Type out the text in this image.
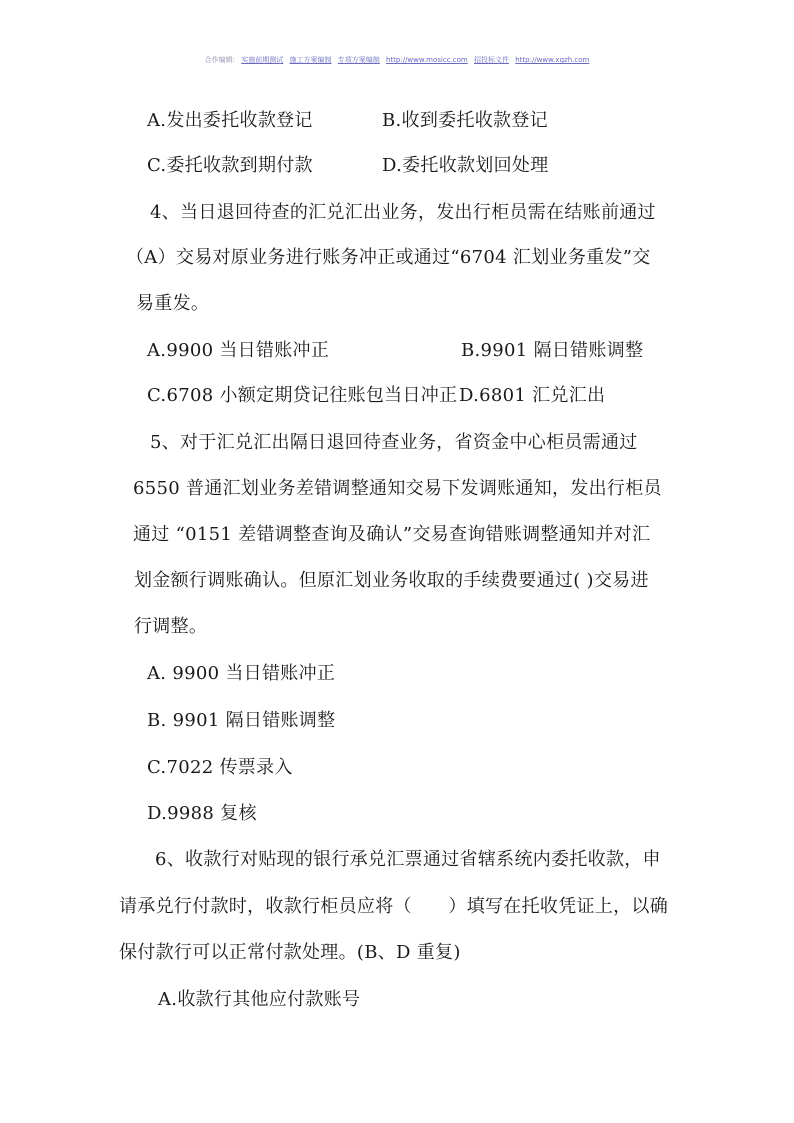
合作编辑: 实施前期测试 施工方案编制 专项方案编制 http://www.mosicc.com 招投标文件 http://www.xgzh.com
A.发出委托收款登记	B.收到委托收款登记
C.委托收款到期付款	D.委托收款划回处理
4、当日退回待查的汇兑汇出业务，发出行柜员需在结账前通过
（A）交易对原业务进行账务冲正或通过“6704 汇划业务重发”交
易重发。
A.9900 当日错账冲正	B.9901 隔日错账调整
C.6708 小额定期贷记往账包当日冲正 D.6801 汇兑汇出
5、对于汇兑汇出隔日退回待查业务，省资金中心柜员需通过
6550 普通汇划业务差错调整通知交易下发调账通知，发出行柜员
通过 “0151 差错调整查询及确认”交易查询错账调整通知并对汇
划金额行调账确认。但原汇划业务收取的手续费要通过( )交易进
行调整。
A. 9900 当日错账冲正
B. 9901 隔日错账调整
C.7022 传票录入
D.9988 复核
6、收款行对贴现的银行承兑汇票通过省辖系统内委托收款，申
请承兑行付款时，收款行柜员应将（　　）填写在托收凭证上，以确
保付款行可以正常付款处理。(B、D 重复)
A.收款行其他应付款账号
